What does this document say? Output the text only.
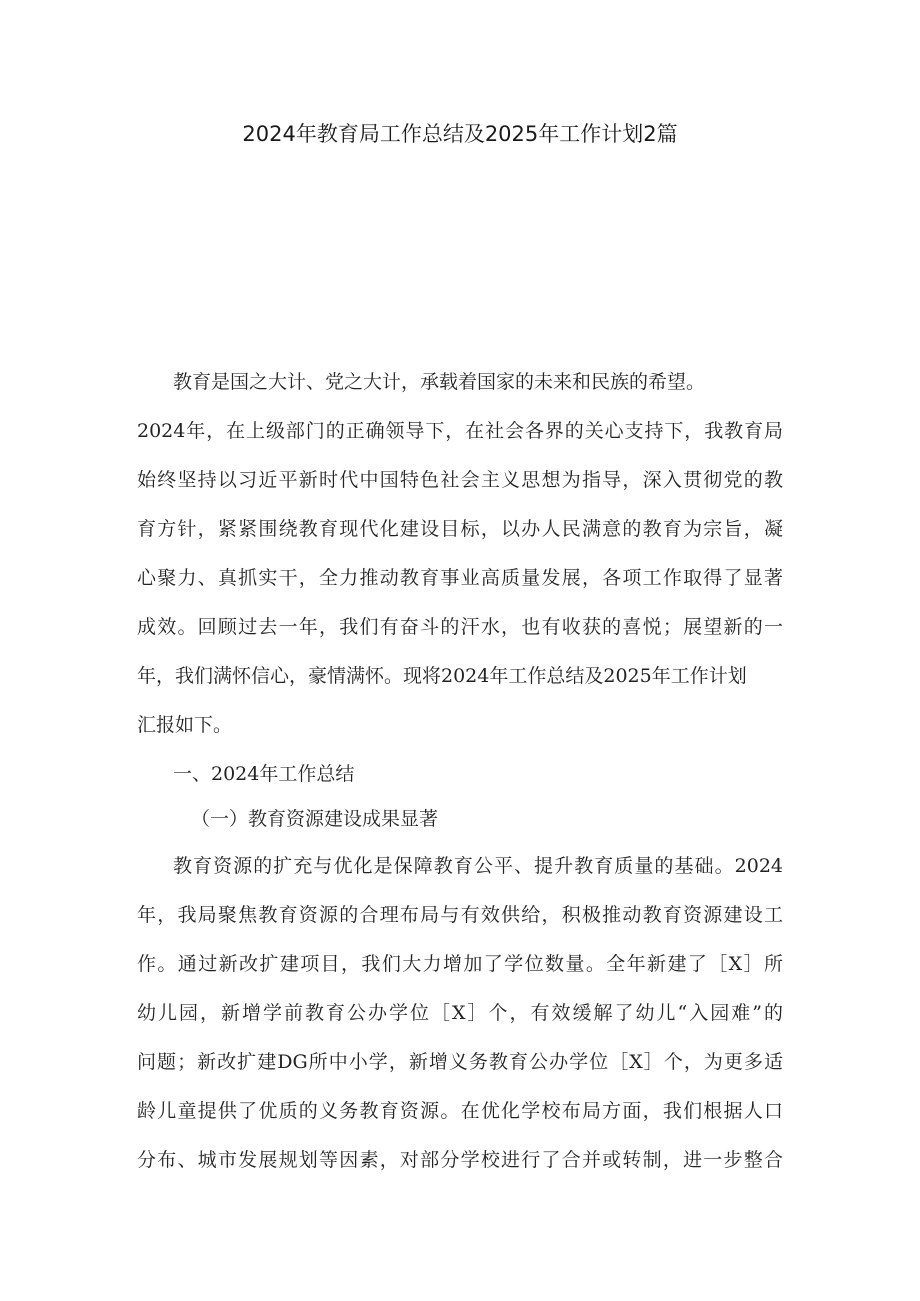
2024年教育局工作总结及2025年工作计划2篇
教育是国之大计、党之大计，承载着国家的未来和民族的希望。
2024年，在上级部门的正确领导下，在社会各界的关心支持下，我教育局
始终坚持以习近平新时代中国特色社会主义思想为指导，深入贯彻党的教
育方针，紧紧围绕教育现代化建设目标，以办人民满意的教育为宗旨，凝
心聚力、真抓实干，全力推动教育事业高质量发展，各项工作取得了显著
成效。回顾过去一年，我们有奋斗的汗水，也有收获的喜悦；展望新的一
年，我们满怀信心，豪情满怀。现将2024年工作总结及2025年工作计划
汇报如下。
一、2024年工作总结
（一）教育资源建设成果显著
教育资源的扩充与优化是保障教育公平、提升教育质量的基础。2024
年，我局聚焦教育资源的合理布局与有效供给，积极推动教育资源建设工
作。通过新改扩建项目，我们大力增加了学位数量。全年新建了［X］所
幼儿园，新增学前教育公办学位［X］个，有效缓解了幼儿“入园难”的
问题；新改扩建DG所中小学，新增义务教育公办学位［X］个，为更多适
龄儿童提供了优质的义务教育资源。在优化学校布局方面，我们根据人口
分布、城市发展规划等因素，对部分学校进行了合并或转制，进一步整合
